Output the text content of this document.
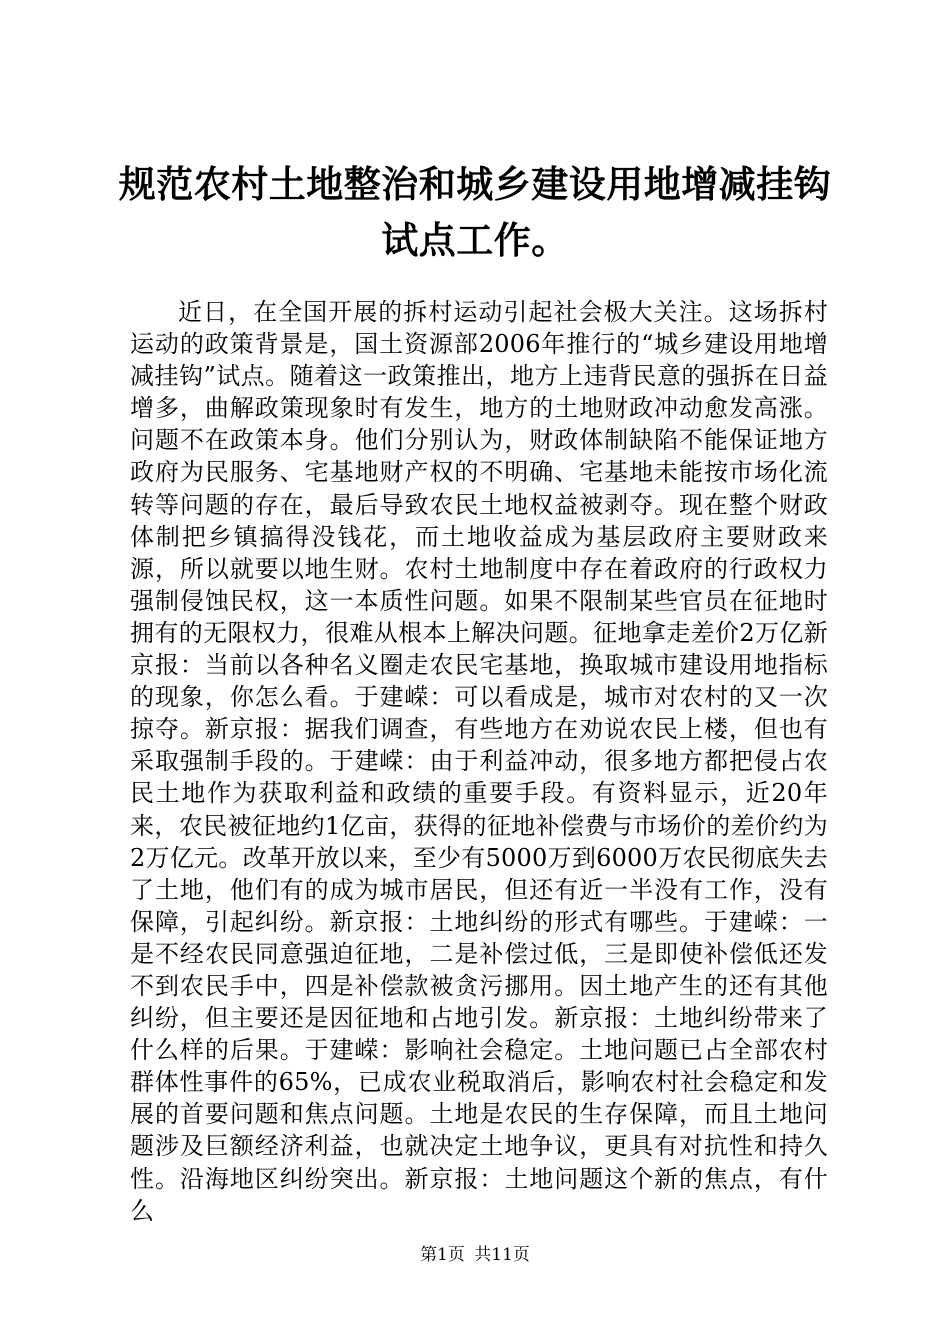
规范农村土地整治和城乡建设用地增减挂钩试点工作。

近日，在全国开展的拆村运动引起社会极大关注。这场拆村运动的政策背景是，国土资源部2006年推行的“城乡建设用地增减挂钩”试点。随着这一政策推出，地方上违背民意的强拆在日益增多，曲解政策现象时有发生，地方的土地财政冲动愈发高涨。问题不在政策本身。他们分别认为，财政体制缺陷不能保证地方政府为民服务、宅基地财产权的不明确、宅基地未能按市场化流转等问题的存在，最后导致农民土地权益被剥夺。现在整个财政体制把乡镇搞得没钱花，而土地收益成为基层政府主要财政来源，所以就要以地生财。农村土地制度中存在着政府的行政权力强制侵蚀民权，这一本质性问题。如果不限制某些官员在征地时拥有的无限权力，很难从根本上解决问题。征地拿走差价2万亿新京报：当前以各种名义圈走农民宅基地，换取城市建设用地指标的现象，你怎么看。于建嵘：可以看成是，城市对农村的又一次掠夺。新京报：据我们调查，有些地方在劝说农民上楼，但也有采取强制手段的。于建嵘：由于利益冲动，很多地方都把侵占农民土地作为获取利益和政绩的重要手段。有资料显示，近20年来，农民被征地约1亿亩，获得的征地补偿费与市场价的差价约为2万亿元。改革开放以来，至少有5000万到6000万农民彻底失去了土地，他们有的成为城市居民，但还有近一半没有工作，没有保障，引起纠纷。新京报：土地纠纷的形式有哪些。于建嵘：一是不经农民同意强迫征地，二是补偿过低，三是即使补偿低还发不到农民手中，四是补偿款被贪污挪用。因土地产生的还有其他纠纷，但主要还是因征地和占地引发。新京报：土地纠纷带来了什么样的后果。于建嵘：影响社会稳定。土地问题已占全部农村群体性事件的65%，已成农业税取消后，影响农村社会稳定和发展的首要问题和焦点问题。土地是农民的生存保障，而且土地问题涉及巨额经济利益，也就决定土地争议，更具有对抗性和持久性。沿海地区纠纷突出。新京报：土地问题这个新的焦点，有什么

第1页 共11页
